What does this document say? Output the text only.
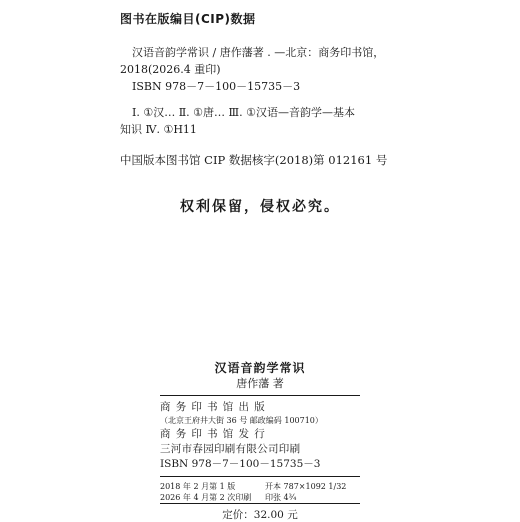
图书在版编目(CIP)数据
汉语音韵学常识 / 唐作藩著 . —北京：商务印书馆，
2018(2026.4 重印)
ISBN 978－7－100－15735－3
Ⅰ. ①汉… Ⅱ. ①唐… Ⅲ. ①汉语—音韵学—基本
知识 Ⅳ. ①H11
中国版本图书馆 CIP 数据核字(2018)第 012161 号
权利保留，侵权必究。
汉语音韵学常识
唐作藩 著
商务印书馆出版
（北京王府井大街 36 号 邮政编码 100710）
商务印书馆发行
三河市春园印刷有限公司印刷
ISBN 978－7－100－15735－3
2018 年 2 月第 1 版
2026 年 4 月第 2 次印刷
开本 787×1092 1/32
印张 4¾
定价：32.00 元
